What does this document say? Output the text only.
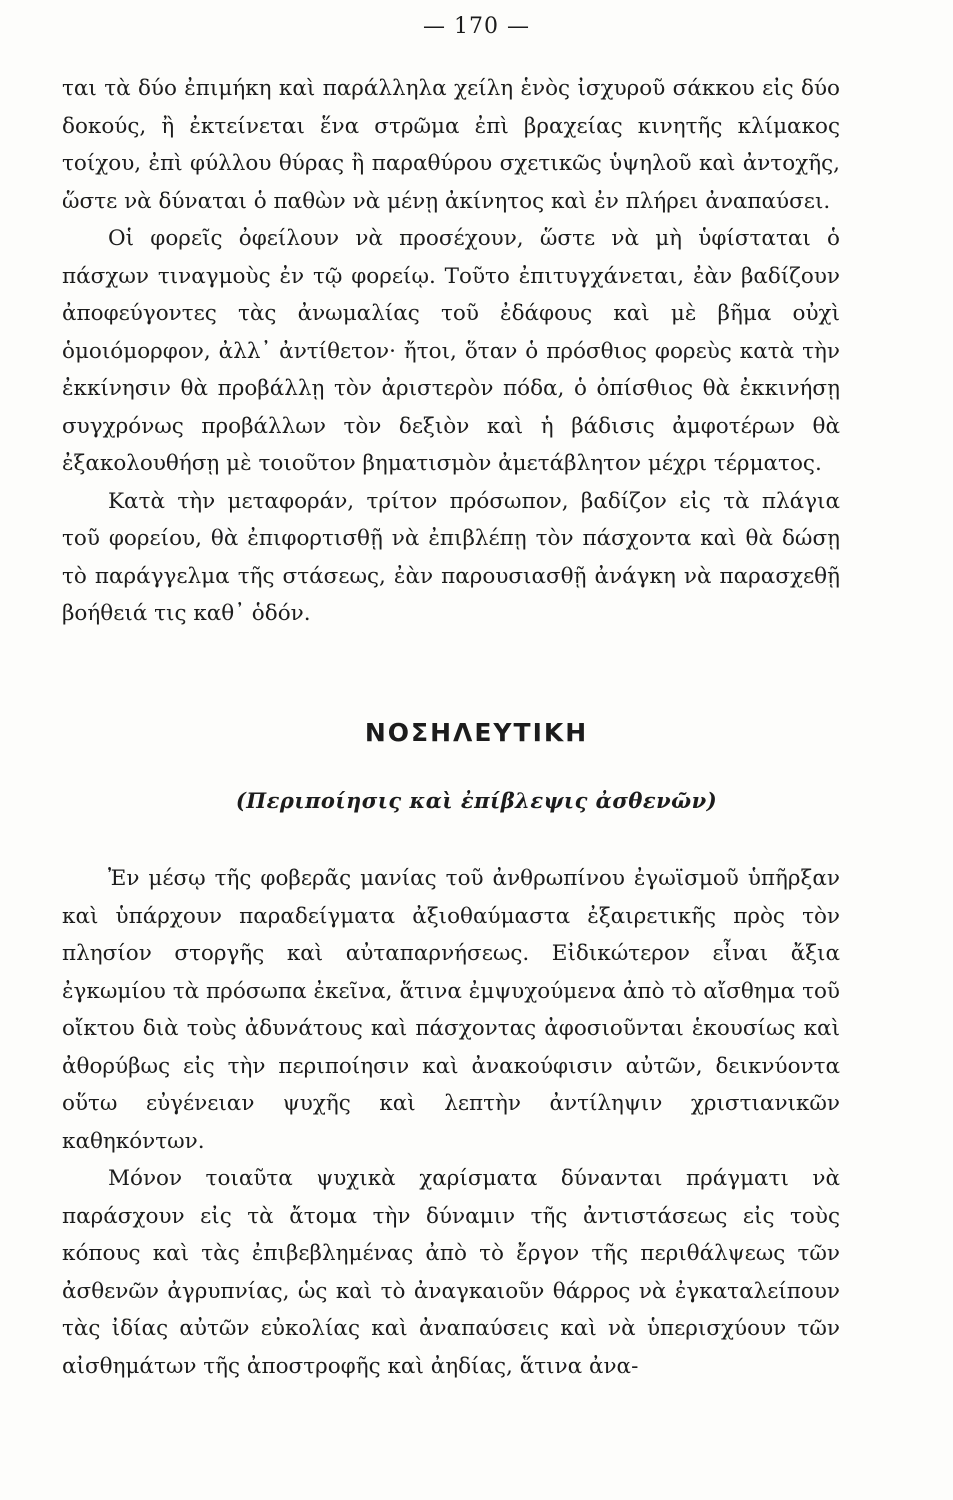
— 170 —

ται τὰ δύο ἐπιμήκη καὶ παράλληλα χείλη ἑνὸς ἰσχυροῦ σάκκου εἰς δύο δοκούς, ἢ ἐκτείνεται ἕνα στρῶμα ἐπὶ βραχείας κινητῆς κλίμακος τοίχου, ἐπὶ φύλλου θύρας ἢ παραθύρου σχετικῶς ὑψηλοῦ καὶ ἀντοχῆς, ὥστε νὰ δύναται ὁ παθὼν νὰ μένῃ ἀκίνητος καὶ ἐν πλήρει ἀναπαύσει.

Οἱ φορεῖς ὀφείλουν νὰ προσέχουν, ὥστε νὰ μὴ ὑφίσταται ὁ πάσχων τιναγμοὺς ἐν τῷ φορείῳ. Τοῦτο ἐπιτυγχάνεται, ἐὰν βαδίζουν ἀποφεύγοντες τὰς ἀνωμαλίας τοῦ ἐδάφους καὶ μὲ βῆμα οὐχὶ ὁμοιόμορφον, ἀλλ᾽ ἀντίθετον· ἤτοι, ὅταν ὁ πρόσθιος φορεὺς κατὰ τὴν ἐκκίνησιν θὰ προβάλλῃ τὸν ἀριστερὸν πόδα, ὁ ὀπίσθιος θὰ ἐκκινήσῃ συγχρόνως προβάλλων τὸν δεξιὸν καὶ ἡ βάδισις ἀμφοτέρων θὰ ἐξακολουθήσῃ μὲ τοιοῦτον βηματισμὸν ἀμετάβλητον μέχρι τέρματος.

Κατὰ τὴν μεταφοράν, τρίτον πρόσωπον, βαδίζον εἰς τὰ πλάγια τοῦ φορείου, θὰ ἐπιφορτισθῇ νὰ ἐπιβλέπῃ τὸν πάσχοντα καὶ θὰ δώσῃ τὸ παράγγελμα τῆς στάσεως, ἐὰν παρουσιασθῇ ἀνάγκη νὰ παρασχεθῇ βοήθειά τις καθ᾽ ὁδόν.

ΝΟΣΗΛΕΥΤΙΚΗ
(Περιποίησις καὶ ἐπίβλεψις ἀσθενῶν)

Ἐν μέσῳ τῆς φοβερᾶς μανίας τοῦ ἀνθρωπίνου ἐγωϊσμοῦ ὑπῆρξαν καὶ ὑπάρχουν παραδείγματα ἀξιοθαύμαστα ἐξαιρετικῆς πρὸς τὸν πλησίον στοργῆς καὶ αὐταπαρνήσεως. Εἰδικώτερον εἶναι ἄξια ἐγκωμίου τὰ πρόσωπα ἐκεῖνα, ἅτινα ἐμψυχούμενα ἀπὸ τὸ αἴσθημα τοῦ οἴκτου διὰ τοὺς ἀδυνάτους καὶ πάσχοντας ἀφοσιοῦνται ἑκουσίως καὶ ἀθορύβως εἰς τὴν περιποίησιν καὶ ἀνακούφισιν αὐτῶν, δεικνύοντα οὕτω εὐγένειαν ψυχῆς καὶ λεπτὴν ἀντίληψιν χριστιανικῶν καθηκόντων.

Μόνον τοιαῦτα ψυχικὰ χαρίσματα δύνανται πράγματι νὰ παράσχουν εἰς τὰ ἄτομα τὴν δύναμιν τῆς ἀντιστάσεως εἰς τοὺς κόπους καὶ τὰς ἐπιβεβλημένας ἀπὸ τὸ ἔργον τῆς περιθάλψεως τῶν ἀσθενῶν ἀγρυπνίας, ὡς καὶ τὸ ἀναγκαιοῦν θάρρος νὰ ἐγκαταλείπουν τὰς ἰδίας αὐτῶν εὐκολίας καὶ ἀναπαύσεις καὶ νὰ ὑπερισχύουν τῶν αἰσθημάτων τῆς ἀποστροφῆς καὶ ἀηδίας, ἅτινα ἀνα-
